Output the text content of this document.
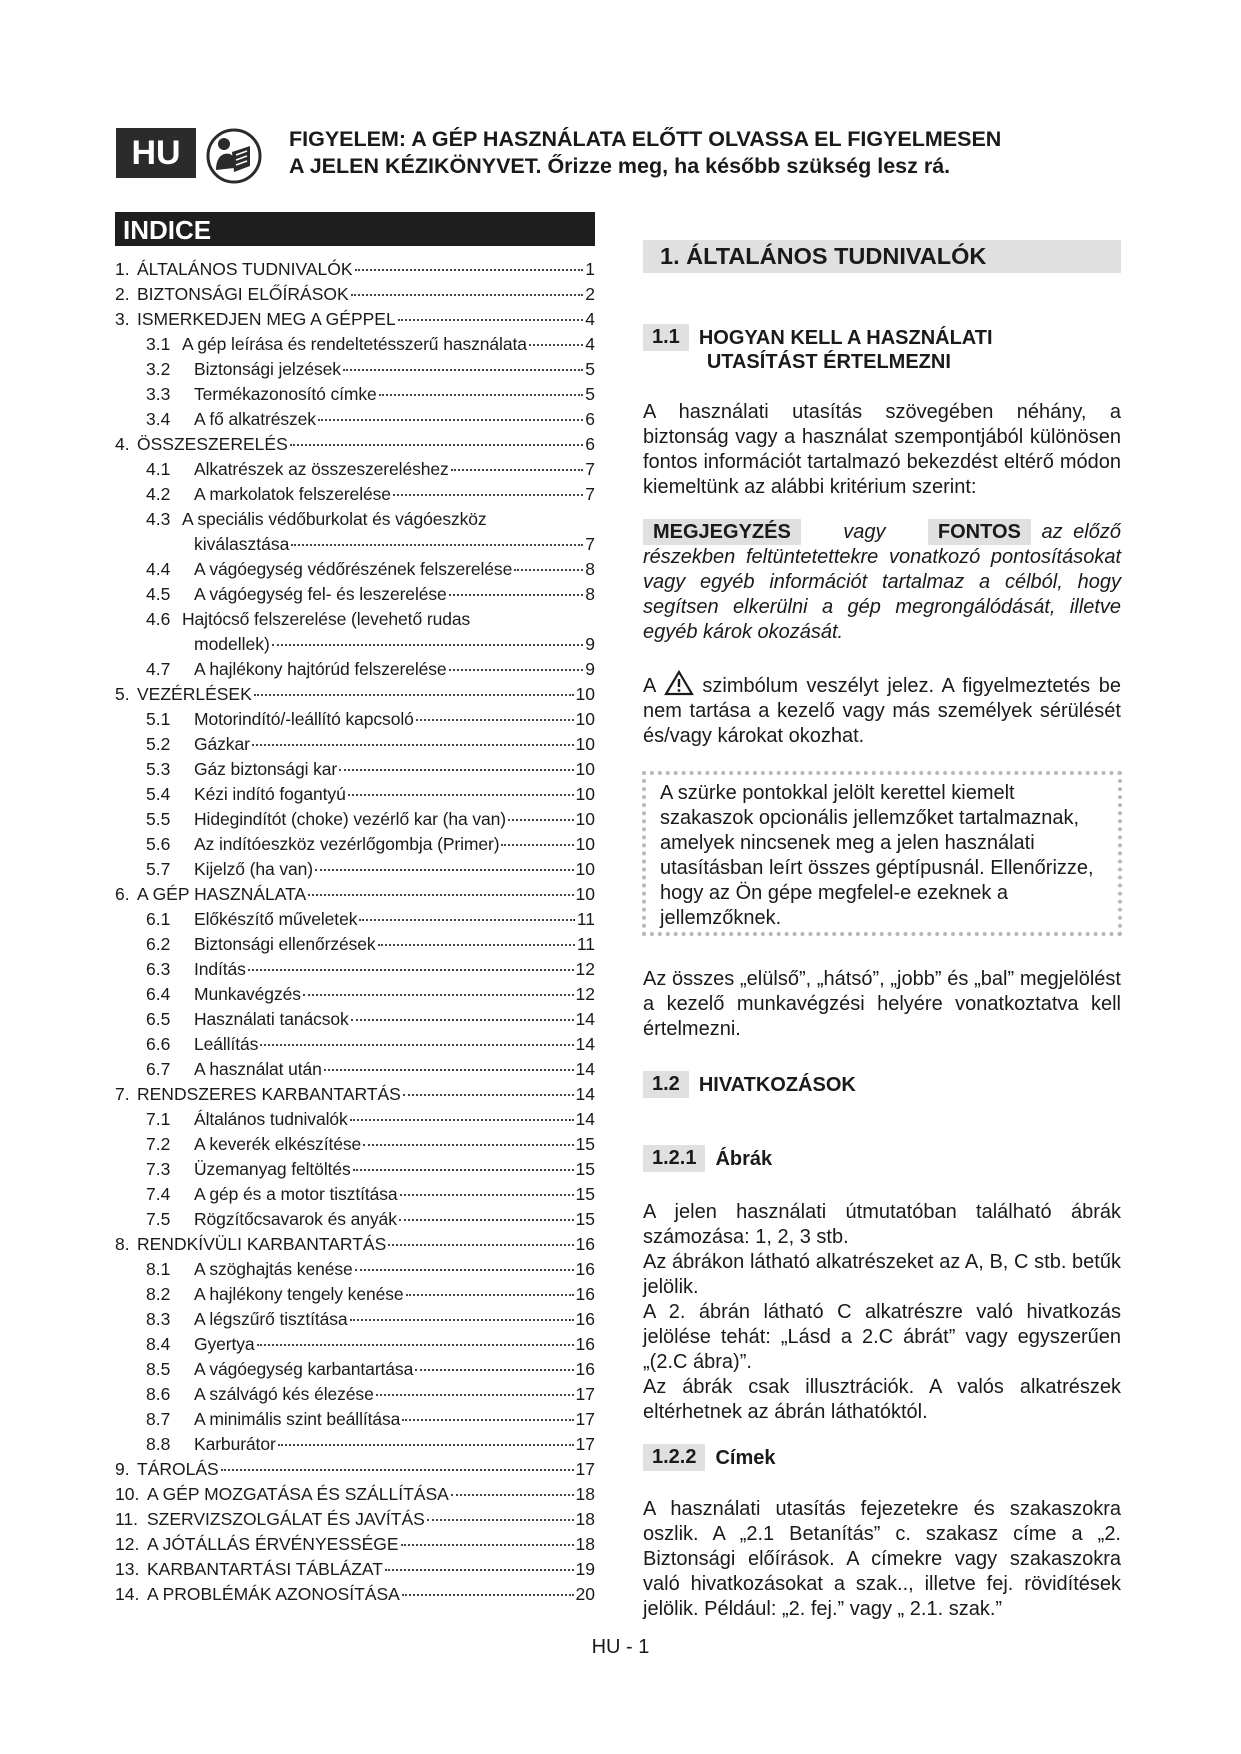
HU	FIGYELEM: A GÉP HASZNÁLATA ELŐTT OLVASSA EL FIGYELMESEN
A JELEN KÉZIKÖNYVET. Őrizze meg, ha később szükség lesz rá.
INDICE
1. ÁLTALÁNOS TUDNIVALÓK	1
2. BIZTONSÁGI ELŐÍRÁSOK	2
3. ISMERKEDJEN MEG A GÉPPEL	4
3.1 A gép leírása és rendeltetésszerű használata	4
3.2	Biztonsági jelzések	5
3.3	Termékazonosító címke	5
3.4	A fő alkatrészek	6
4. ÖSSZESZERELÉS	6
4.1	Alkatrészek az összeszereléshez	7
4.2	A markolatok felszerelése	7
4.3 A speciális védőburkolat és vágóeszköz
kiválasztása	7
4.4	A vágóegység védőrészének felszerelése	8
4.5	A vágóegység fel- és leszerelése	8
4.6 Hajtócső felszerelése (levehető rudas
modellek)	9
4.7	A hajlékony hajtórúd felszerelése	9
5. VEZÉRLÉSEK	10
5.1	Motorindító/-leállító kapcsoló	10
5.2	Gázkar	10
5.3	Gáz biztonsági kar	10
5.4	Kézi indító fogantyú	10
5.5	Hidegindítót (choke) vezérlő kar (ha van)	10
5.6	Az indítóeszköz vezérlőgombja (Primer)	10
5.7	Kijelző (ha van)	10
6. A GÉP HASZNÁLATA	10
6.1	Előkészítő műveletek	11
6.2	Biztonsági ellenőrzések	11
6.3	Indítás	12
6.4	Munkavégzés	12
6.5	Használati tanácsok	14
6.6	Leállítás	14
6.7	A használat után	14
7. RENDSZERES KARBANTARTÁS	14
7.1	Általános tudnivalók	14
7.2	A keverék elkészítése	15
7.3	Üzemanyag feltöltés	15
7.4	A gép és a motor tisztítása	15
7.5	Rögzítőcsavarok és anyák	15
8. RENDKÍVÜLI KARBANTARTÁS	16
8.1	A szöghajtás kenése	16
8.2	A hajlékony tengely kenése	16
8.3	A légszűrő tisztítása	16
8.4	Gyertya	16
8.5	A vágóegység karbantartása	16
8.6	A szálvágó kés élezése	17
8.7	A minimális szint beállítása	17
8.8	Karburátor	17
9. TÁROLÁS	17
10. A GÉP MOZGATÁSA ÉS SZÁLLÍTÁSA	18
11. SZERVIZSZOLGÁLAT ÉS JAVÍTÁS	18
12. A JÓTÁLLÁS ÉRVÉNYESSÉGE	18
13. KARBANTARTÁSI TÁBLÁZAT	19
14. A PROBLÉMÁK AZONOSÍTÁSA	20
1. ÁLTALÁNOS TUDNIVALÓK
1.1 HOGYAN KELL A HASZNÁLATI
UTASÍTÁST ÉRTELMEZNI
A használati utasítás szövegében néhány, a biztonság vagy a használat szempontjából különösen fontos információt tartalmazó bekezdést eltérő módon kiemeltünk az alábbi kritérium szerint:
MEGJEGYZÉS	vagy	FONTOS az előző részekben feltüntetettekre vonatkozó pontosításokat vagy egyéb információt tartalmaz a célból, hogy segítsen elkerülni a gép megrongálódását, illetve egyéb károk okozását.
A szimbólum veszélyt jelez. A figyelmeztetés be nem tartása a kezelő vagy más személyek sérülését és/vagy károkat okozhat.
A szürke pontokkal jelölt kerettel kiemelt szakaszok opcionális jellemzőket tartalmaznak, amelyek nincsenek meg a jelen használati utasításban leírt összes géptípusnál. Ellenőrizze, hogy az Ön gépe megfelel-e ezeknek a jellemzőknek.
Az összes „elülső”, „hátsó”, „jobb” és „bal” megjelölést a kezelő munkavégzési helyére vonatkoztatva kell értelmezni.
1.2 HIVATKOZÁSOK
1.2.1 Ábrák
A jelen használati útmutatóban található ábrák számozása: 1, 2, 3 stb.
Az ábrákon látható alkatrészeket az A, B, C stb. betűk jelölik.
A 2. ábrán látható C alkatrészre való hivatkozás jelölése tehát: „Lásd a 2.C ábrát” vagy egyszerűen „(2.C ábra)”.
Az ábrák csak illusztrációk. A valós alkatrészek eltérhetnek az ábrán láthatóktól.
1.2.2 Címek
A használati utasítás fejezetekre és szakaszokra oszlik. A „2.1 Betanítás” c. szakasz címe a „2. Biztonsági előírások. A címekre vagy szakaszokra való hivatkozásokat a szak.., illetve fej. rövidítések jelölik. Például: „2. fej.” vagy „ 2.1. szak.”
HU - 1
